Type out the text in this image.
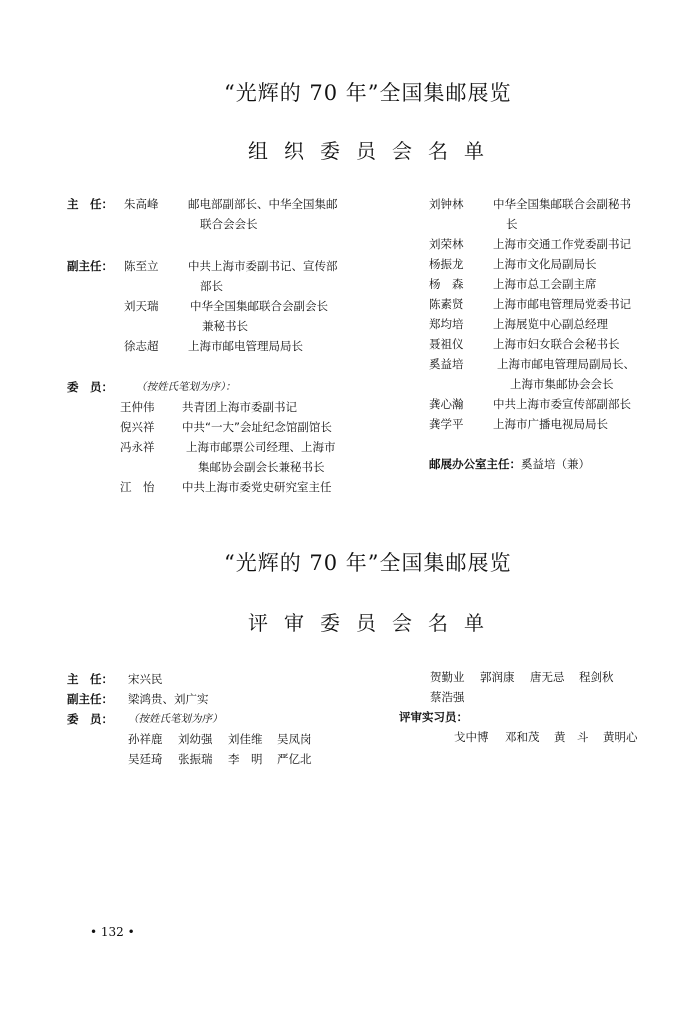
“光辉的 70 年”全国集邮展览
组织委员会名单
主　任： 朱高峰	邮电部副部长、中华全国集邮
联合会会长
副主任： 陈至立	中共上海市委副书记、宣传部
部长
刘天瑞	中华全国集邮联合会副会长
兼秘书长
徐志超	上海市邮电管理局局长
委　员： （按姓氏笔划为序）：
王仲伟 共青团上海市委副书记
倪兴祥 中共“一大”会址纪念馆副馆长
冯永祥	上海市邮票公司经理、上海市
集邮协会副会长兼秘书长
江　怡 中共上海市委党史研究室主任
刘钟林	中华全国集邮联合会副秘书
长
刘荣林	上海市交通工作党委副书记
杨振龙	上海市文化局副局长
杨　森	上海市总工会副主席
陈素贤	上海市邮电管理局党委书记
郑均培	上海展览中心副总经理
聂祖仪	上海市妇女联合会秘书长
奚益培	上海市邮电管理局副局长、
上海市集邮协会会长
龚心瀚	中共上海市委宣传部副部长
龚学平	上海市广播电视局局长
邮展办公室主任：奚益培（兼）
“光辉的 70 年”全国集邮展览
评审委员会名单
主　任： 宋兴民
副主任： 梁鸿贵、刘广实
委　员： （按姓氏笔划为序）
孙祥鹿 刘幼强 刘佳维 吴凤岗
吴廷琦 张振瑞 李　明 严亿北
贺勤业 郭润康 唐无忌 程剑秋
蔡浩强
评审实习员：
戈中博 邓和茂 黄　斗 黄明心
• 132 •
